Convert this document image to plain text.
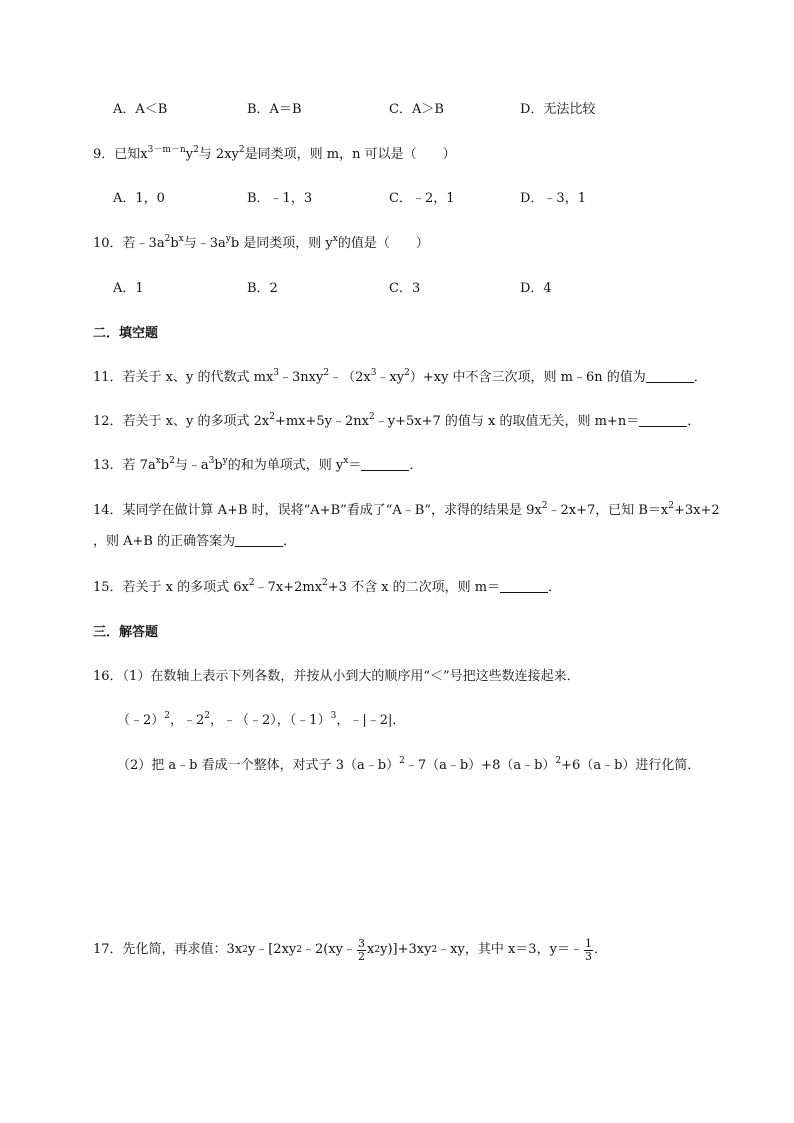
A．A＜B	B．A＝B	C．A＞B	D．无法比较
9．已知$x^{3-m-n}y^2$与 $2xy^2$是同类项，则 m，n 可以是（　　）
A．1，0	B．﹣1，3	C．﹣2，1	D．﹣3，1
10．若$﹣3a^2b^x$与$﹣3a^yb$ 是同类项，则 $y^x$的值是（　　）
A．1	B．2	C．3	D．4
二．填空题
11．若关于 x、y 的代数式 $mx^3﹣3nxy^2﹣(2x^3﹣xy^2)+xy$ 中不含三次项，则 m﹣6n 的值为	．
12．若关于 x、y 的多项式 $2x^2+mx+5y﹣2nx^2﹣y+5x+7$ 的值与 x 的取值无关，则 m+n＝	．
13．若 $7a^xb^2$与$﹣a^3b^y$的和为单项式，则 $y^x=$	．
14．某同学在做计算 A+B 时，误将“A+B”看成了“A﹣B”，求得的结果是 $9x^2﹣2x+7$，已知 $B=x^2+3x+2$
，则 A+B 的正确答案为	．
15．若关于 x 的多项式 $6x^2﹣7x+2mx^2+3$ 不含 x 的二次项，则 m＝	．
三．解答题
16．（1）在数轴上表示下列各数，并按从小到大的顺序用“＜”号把这些数连接起来．
（﹣2）$^2$，$﹣2^2$，﹣（﹣2），（﹣1）$^3$，﹣|﹣2|．
（2）把 a﹣b 看成一个整体，对式子 3（a﹣b）$^2$﹣7（a﹣b）+8（a﹣b）$^2$+6（a﹣b）进行化简．
17．先化简，再求值：3x 2 y﹣[2xy 2 ﹣2(xy﹣ $\frac{3}{2}$ x 2 y)]+3xy 2 ﹣xy，其中 x＝3，y＝﹣ $\frac{1}{3}$ ．
